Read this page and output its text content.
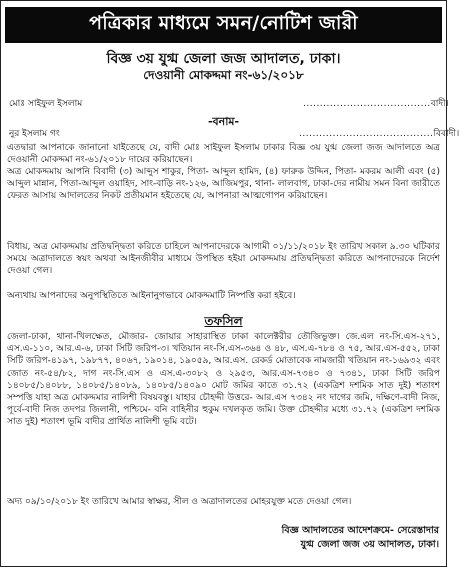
পত্রিকার মাধ্যমে সমন/নোটিশ জারী
বিজ্ঞ ৩য় যুগ্ম জেলা জজ আদালত, ঢাকা।
দেওয়ানী মোকদ্দমা নং-৬১/২০১৮
মোঃ সাইফুল ইসলাম	......................................বাদী।
-বনাম-
নুর ইসলাম গং	........................................বিবাদী।
এতদ্বারা আপনাকে জানানো যাইতেছে যে, বাদী মোঃ সাইফুল ইসলাম ঢাকার বিজ্ঞ ৩য় যুগ্ম জেলা জজ আদালতে অত্র দেওয়ানী মোকদ্দমা নং-৬১/২০১৮ দায়ের করিয়াছেন।
অত্র মোকদ্দমায় আপনি বিবাদী (৩) আব্দুস শাকুর, পিতা- আব্দুল হামিদ, (৪) ফারুক উদ্দিন, পিতা- মকরম আলী এবং (৫) আব্দুল মান্নান, পিতা-আব্দুল ওয়াহিদ, সাং-বাড়ি নং-১২৬, আজিমপুর, থানা- লালবাগ, ঢাকা-দের নামীয় সমন বিনা জারীতে ফেরত আসায় আদালতের নিকট প্রতীয়মান হইতেছে যে, আপনারা আত্মগোপন করিয়াছেন।
বিধায়, অত্র মোকদ্দমায় প্রতিদ্বন্দ্বিতা করিতে চাহিলে আপনাদেরকে আগামী ০১/১১/২০১৮ ইং তারিখ সকাল ৯.৩০ ঘটিকার সময়ে অত্রাদালতে স্বয়ং অথবা আইনজীবীর মাধ্যমে উপস্থিত হইয়া মোকদ্দমায় প্রতিদ্বন্দ্বিতা করিতে আপনাদেরকে নির্দেশ দেওয়া গেল।
অন্যথায় আপনাদের অনুপস্থিতিতে আইনানুগভাবে মোকদ্দমাটি নিষ্পত্তি করা হইবে।
তফসিল
জেলা-ঢাকা, থানা-খিলক্ষেত, মৌজার- জোয়ার সাহারাস্থিত ঢাকা কালেক্টরীর তৌজিভুক্ত। জে.এল নং-সি.এস-২৭১, এস.এ-১১০, আর.এ-৬, ঢাকা সিটি জরিপ-৩। খতিয়ান নং-সি.এস-৩৬৪ ও ৪৮, এস.এ-৭৮৪ ও ৭৫, আর.এস-৫৫২, ঢাকা সিটি জরিপ-৪১৯৭, ১৯৮৭৭, ৪০৬৭, ১৯০১৪, ১৯০৫৯, আর.এস. রেকর্ড মোতাবেক নামজারী খতিয়ান নং-১৬৯৩২ এবং জোত নং-৫৪/৮২, দাগ নং-সি.এস ও এস.এ-৩০৮২ ও ২৯৫৩, আর.এস-৭৩৪০ ও ৭৩৪১, ঢাকা সিটি জরিপ ১৪০৮৫/১৪০৮৮, ১৪০৮৫/১৪০৮৯, ১৪০৮৫/১৪০৯০ মোট জমির কাতে ৩১.৭২ (একত্রিশ দশমিক সাত দুই) শতাংশ সম্পত্তি যাহা অত্র মোকদ্দমার নালিশী বিষয়বস্তু। যাহার চৌহদ্দী উত্তরে- আর.এস ৭৩৪২ নং দাগের জমি, দক্ষিণে-বাদী নিজ, পূর্বে-বাদী নিজ তদপর জিলানী, পশ্চিমে- বনি বাহিনীর হুকুম দখলকৃত জমি। উক্ত চৌহদ্দীর মধ্যে ৩১.৭২ (একত্রিশ দশমিক সাত দুই) শতাংশ ভূমি বাদীর প্রার্থিত নালিশী ভূমি বটে।
অদ্য ০৯/১০/২০১৮ ইং তারিখে আমার স্বাক্ষর, সীল ও অত্রাদালতের মোহরযুক্ত মতে দেওয়া গেল।
বিজ্ঞ আদালতের আদেশক্রমে- সেরেস্তাদার
যুগ্ম জেলা জজ ৩য় আদালত, ঢাকা।
